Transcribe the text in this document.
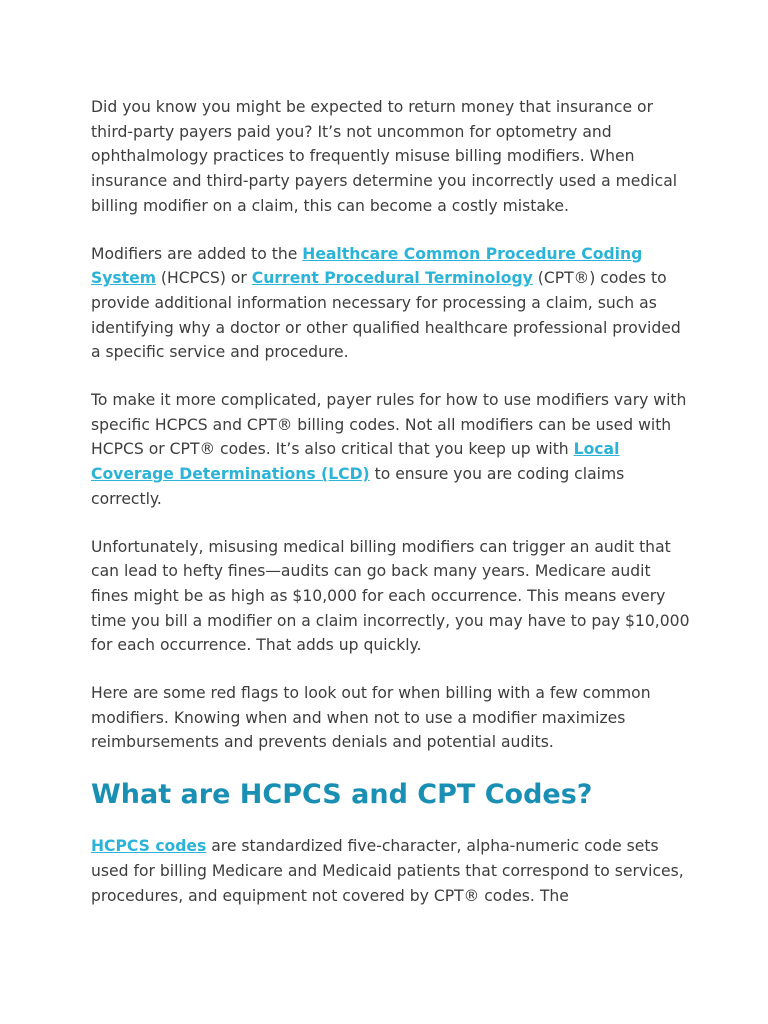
Did you know you might be expected to return money that insurance or third-party payers paid you? It’s not uncommon for optometry and ophthalmology practices to frequently misuse billing modifiers. When insurance and third-party payers determine you incorrectly used a medical billing modifier on a claim, this can become a costly mistake.

Modifiers are added to the Healthcare Common Procedure Coding System (HCPCS) or Current Procedural Terminology (CPT®) codes to provide additional information necessary for processing a claim, such as identifying why a doctor or other qualified healthcare professional provided a specific service and procedure.

To make it more complicated, payer rules for how to use modifiers vary with specific HCPCS and CPT® billing codes. Not all modifiers can be used with HCPCS or CPT® codes. It’s also critical that you keep up with Local Coverage Determinations (LCD) to ensure you are coding claims correctly.

Unfortunately, misusing medical billing modifiers can trigger an audit that can lead to hefty fines—audits can go back many years. Medicare audit fines might be as high as $10,000 for each occurrence. This means every time you bill a modifier on a claim incorrectly, you may have to pay $10,000 for each occurrence. That adds up quickly.

Here are some red flags to look out for when billing with a few common modifiers. Knowing when and when not to use a modifier maximizes reimbursements and prevents denials and potential audits.

What are HCPCS and CPT Codes?

HCPCS codes are standardized five-character, alpha-numeric code sets used for billing Medicare and Medicaid patients that correspond to services, procedures, and equipment not covered by CPT® codes. The
